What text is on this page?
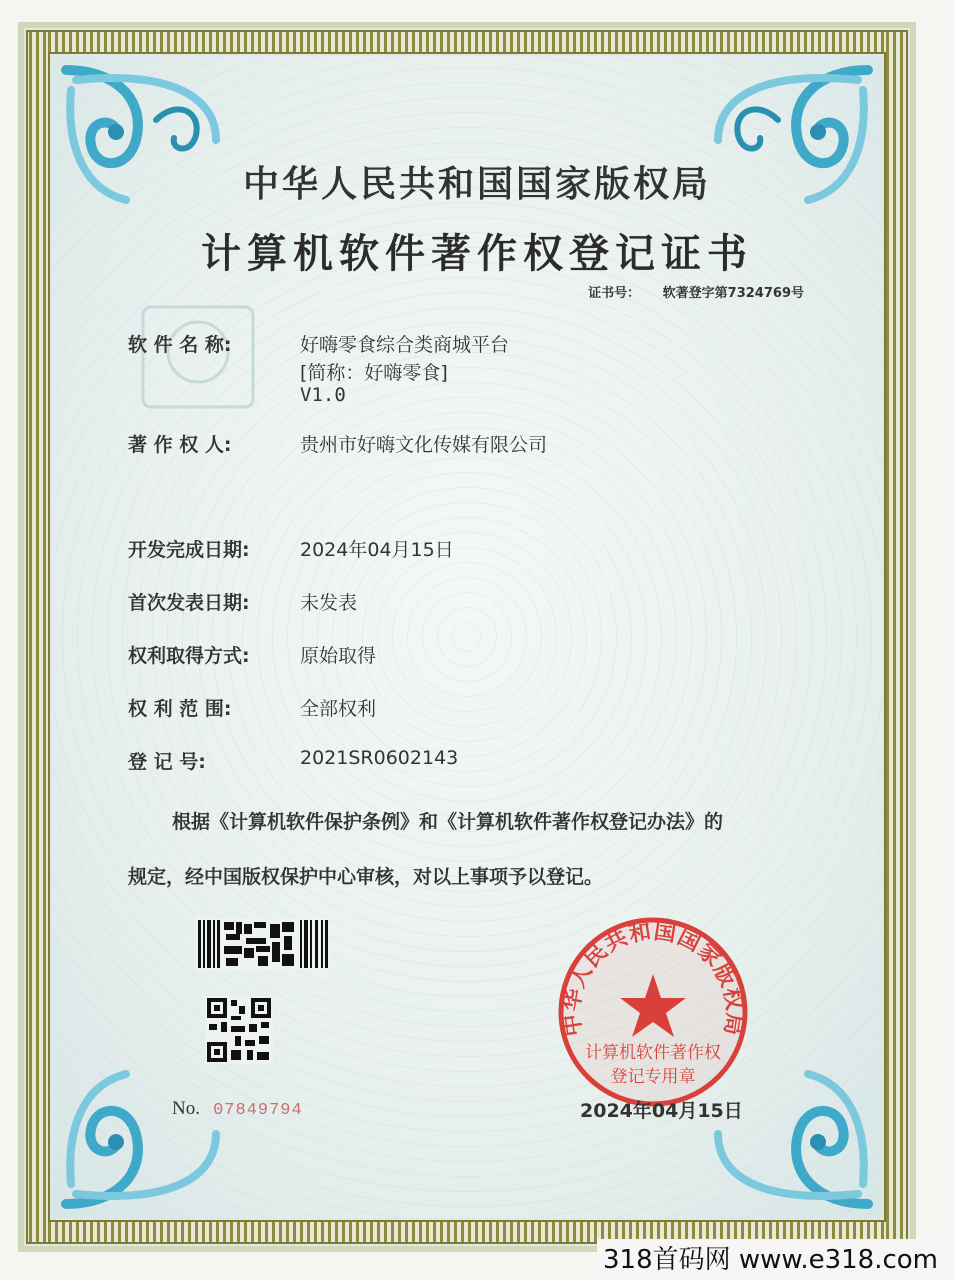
中华人民共和国国家版权局
计算机软件著作权登记证书
证书号： 软著登字第7324769号
软 件 名 称:	好嗨零食综合类商城平台
[简称：好嗨零食]
V1.0
著 作 权 人:	贵州市好嗨文化传媒有限公司
开发完成日期:	2024年04月15日
首次发表日期:	未发表
权利取得方式:	原始取得
权 利 范 围:	全部权利
登 记 号:	2021SR0602143
根据《计算机软件保护条例》和《计算机软件著作权登记办法》的
规定，经中国版权保护中心审核，对以上事项予以登记。
No. 07849794
中华人民共和国国家版权局
计算机软件著作权
登记专用章
2024年04月15日
318首码网 www.e318.com
